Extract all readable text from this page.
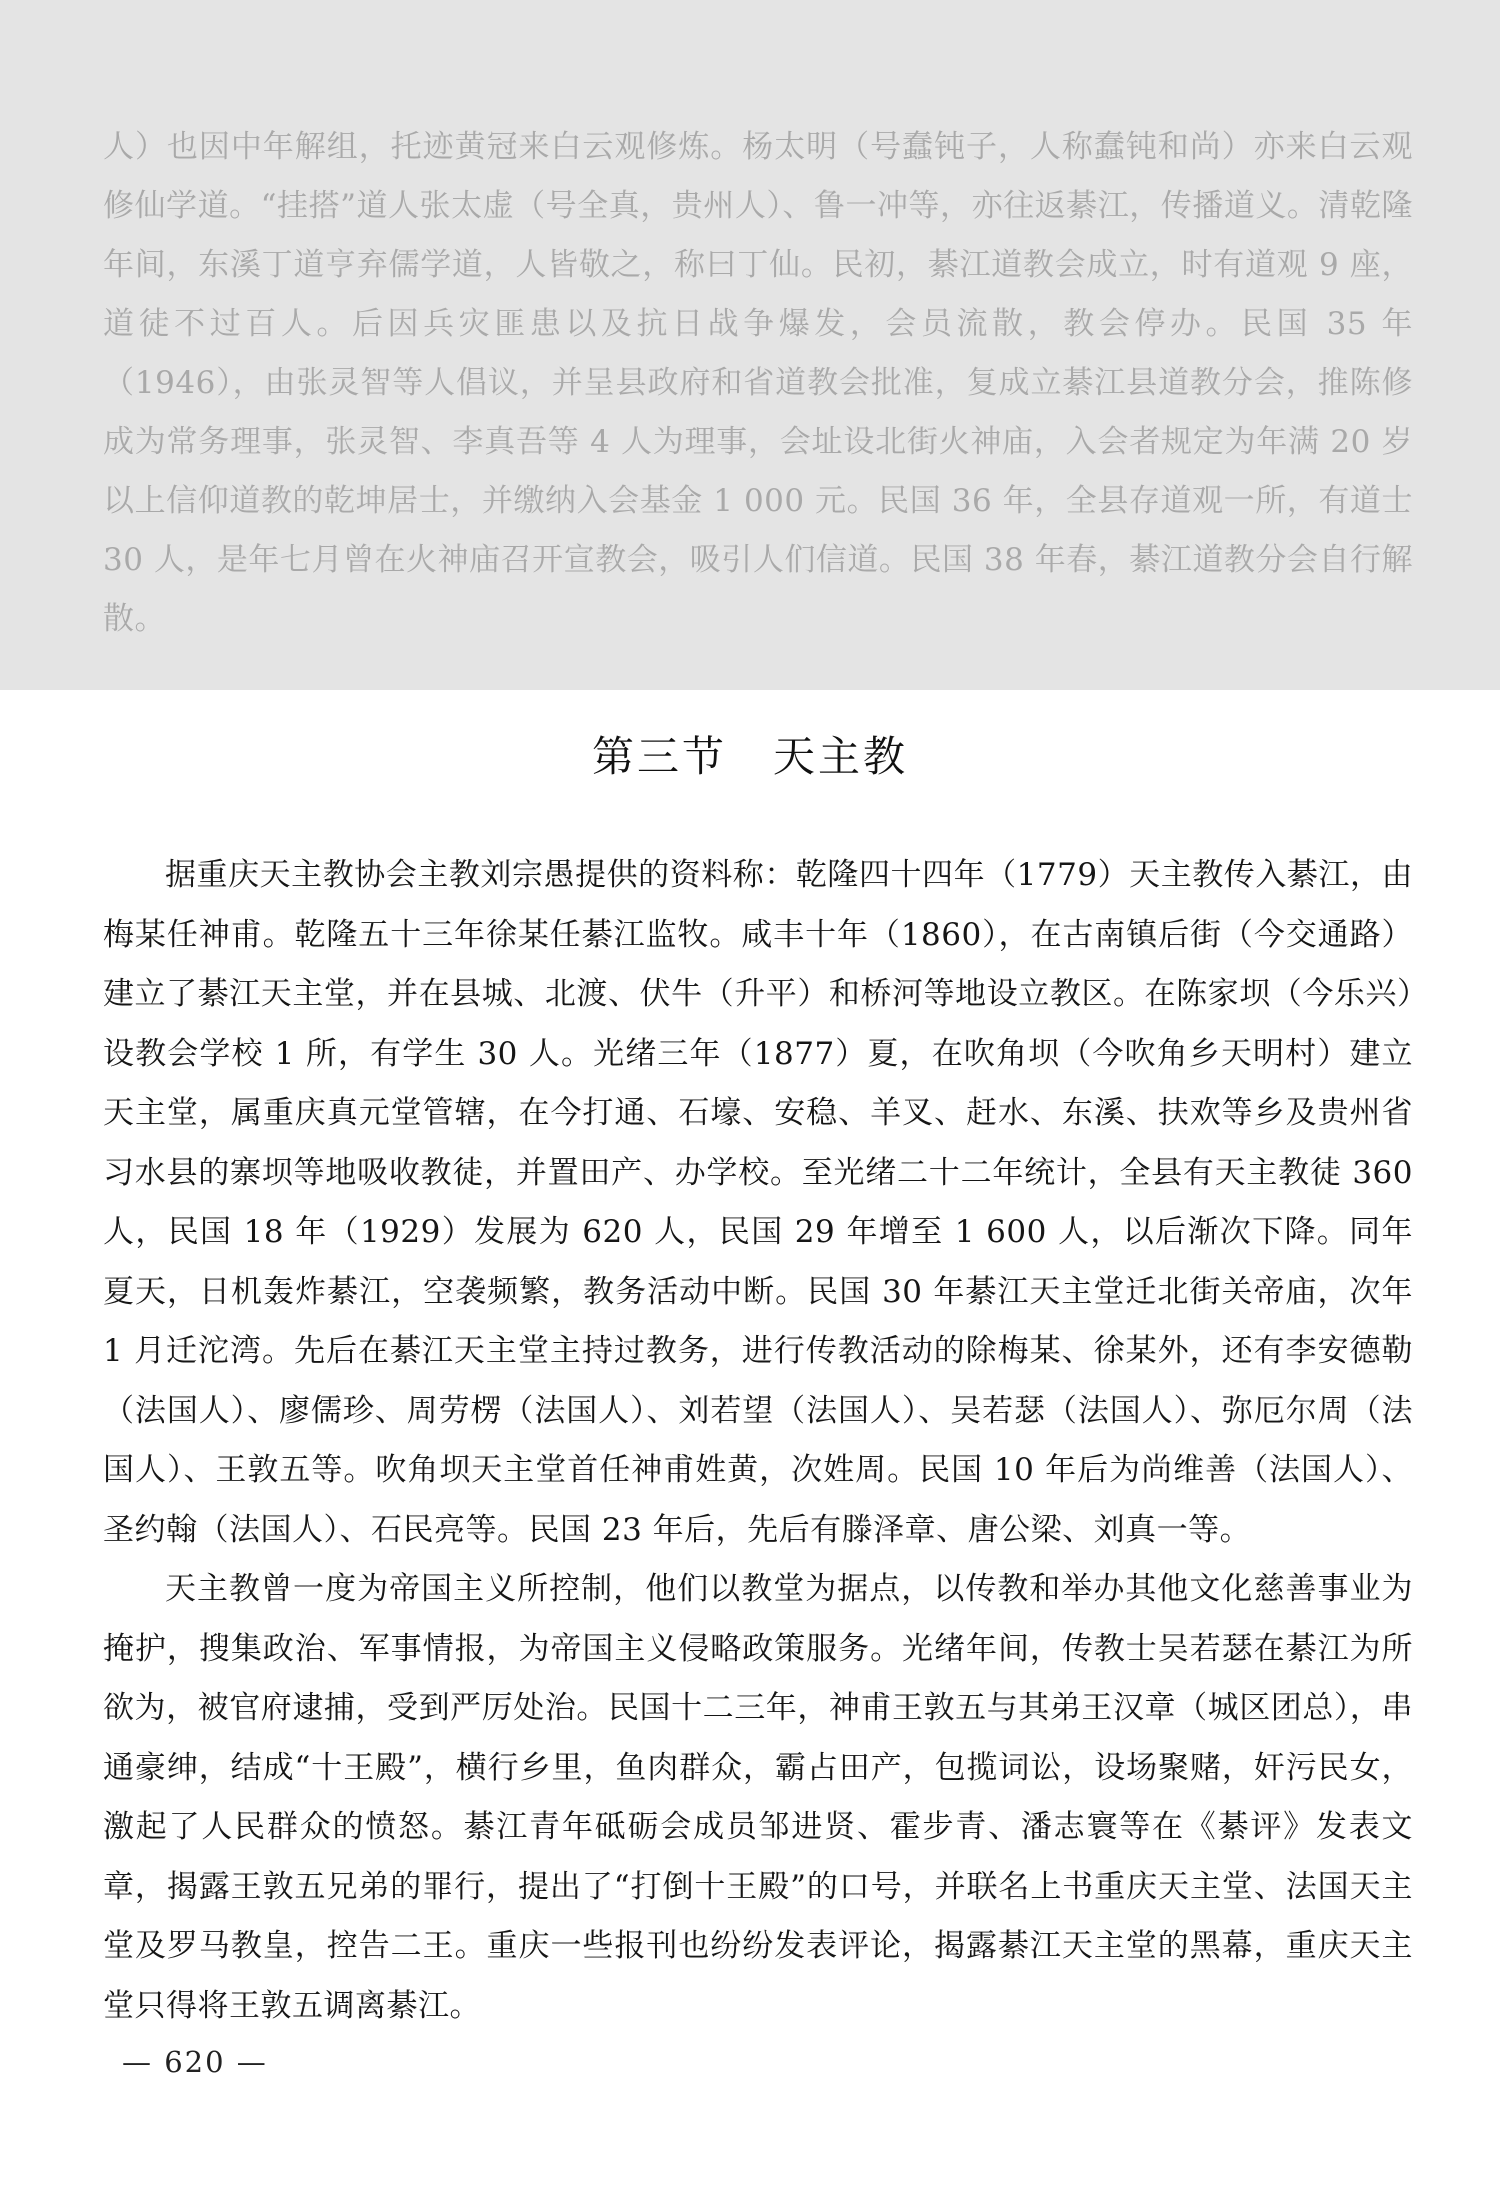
人）也因中年解组，托迹黄冠来白云观修炼。杨太明（号蠢钝子，人称蠢钝和尚）亦来白云观修仙学道。“挂搭”道人张太虚（号全真，贵州人）、鲁一冲等，亦往返綦江，传播道义。清乾隆年间，东溪丁道亨弃儒学道，人皆敬之，称曰丁仙。民初，綦江道教会成立，时有道观 9 座，道徒不过百人。后因兵灾匪患以及抗日战争爆发，会员流散，教会停办。民国 35 年（1946），由张灵智等人倡议，并呈县政府和省道教会批准，复成立綦江县道教分会，推陈修成为常务理事，张灵智、李真吾等 4 人为理事，会址设北街火神庙，入会者规定为年满 20 岁以上信仰道教的乾坤居士，并缴纳入会基金 1 000 元。民国 36 年，全县存道观一所，有道士 30 人，是年七月曾在火神庙召开宣教会，吸引人们信道。民国 38 年春，綦江道教分会自行解散。

第三节 天主教

据重庆天主教协会主教刘宗愚提供的资料称：乾隆四十四年（1779）天主教传入綦江，由梅某任神甫。乾隆五十三年徐某任綦江监牧。咸丰十年（1860），在古南镇后街（今交通路）建立了綦江天主堂，并在县城、北渡、伏牛（升平）和桥河等地设立教区。在陈家坝（今乐兴）设教会学校 1 所，有学生 30 人。光绪三年（1877）夏，在吹角坝（今吹角乡天明村）建立天主堂，属重庆真元堂管辖，在今打通、石壕、安稳、羊叉、赶水、东溪、扶欢等乡及贵州省习水县的寨坝等地吸收教徒，并置田产、办学校。至光绪二十二年统计，全县有天主教徒 360 人，民国 18 年（1929）发展为 620 人，民国 29 年增至 1 600 人，以后渐次下降。同年夏天，日机轰炸綦江，空袭频繁，教务活动中断。民国 30 年綦江天主堂迁北街关帝庙，次年 1 月迁沱湾。先后在綦江天主堂主持过教务，进行传教活动的除梅某、徐某外，还有李安德勒（法国人）、廖儒珍、周劳楞（法国人）、刘若望（法国人）、吴若瑟（法国人）、弥厄尔周（法国人）、王敦五等。吹角坝天主堂首任神甫姓黄，次姓周。民国 10 年后为尚维善（法国人）、圣约翰（法国人）、石民亮等。民国 23 年后，先后有滕泽章、唐公梁、刘真一等。

天主教曾一度为帝国主义所控制，他们以教堂为据点，以传教和举办其他文化慈善事业为掩护，搜集政治、军事情报，为帝国主义侵略政策服务。光绪年间，传教士吴若瑟在綦江为所欲为，被官府逮捕，受到严厉处治。民国十二三年，神甫王敦五与其弟王汉章（城区团总），串通豪绅，结成“十王殿”，横行乡里，鱼肉群众，霸占田产，包揽词讼，设场聚赌，奸污民女，激起了人民群众的愤怒。綦江青年砥砺会成员邹进贤、霍步青、潘志寰等在《綦评》发表文章，揭露王敦五兄弟的罪行，提出了“打倒十王殿”的口号，并联名上书重庆天主堂、法国天主堂及罗马教皇，控告二王。重庆一些报刊也纷纷发表评论，揭露綦江天主堂的黑幕，重庆天主堂只得将王敦五调离綦江。

— 620 —
